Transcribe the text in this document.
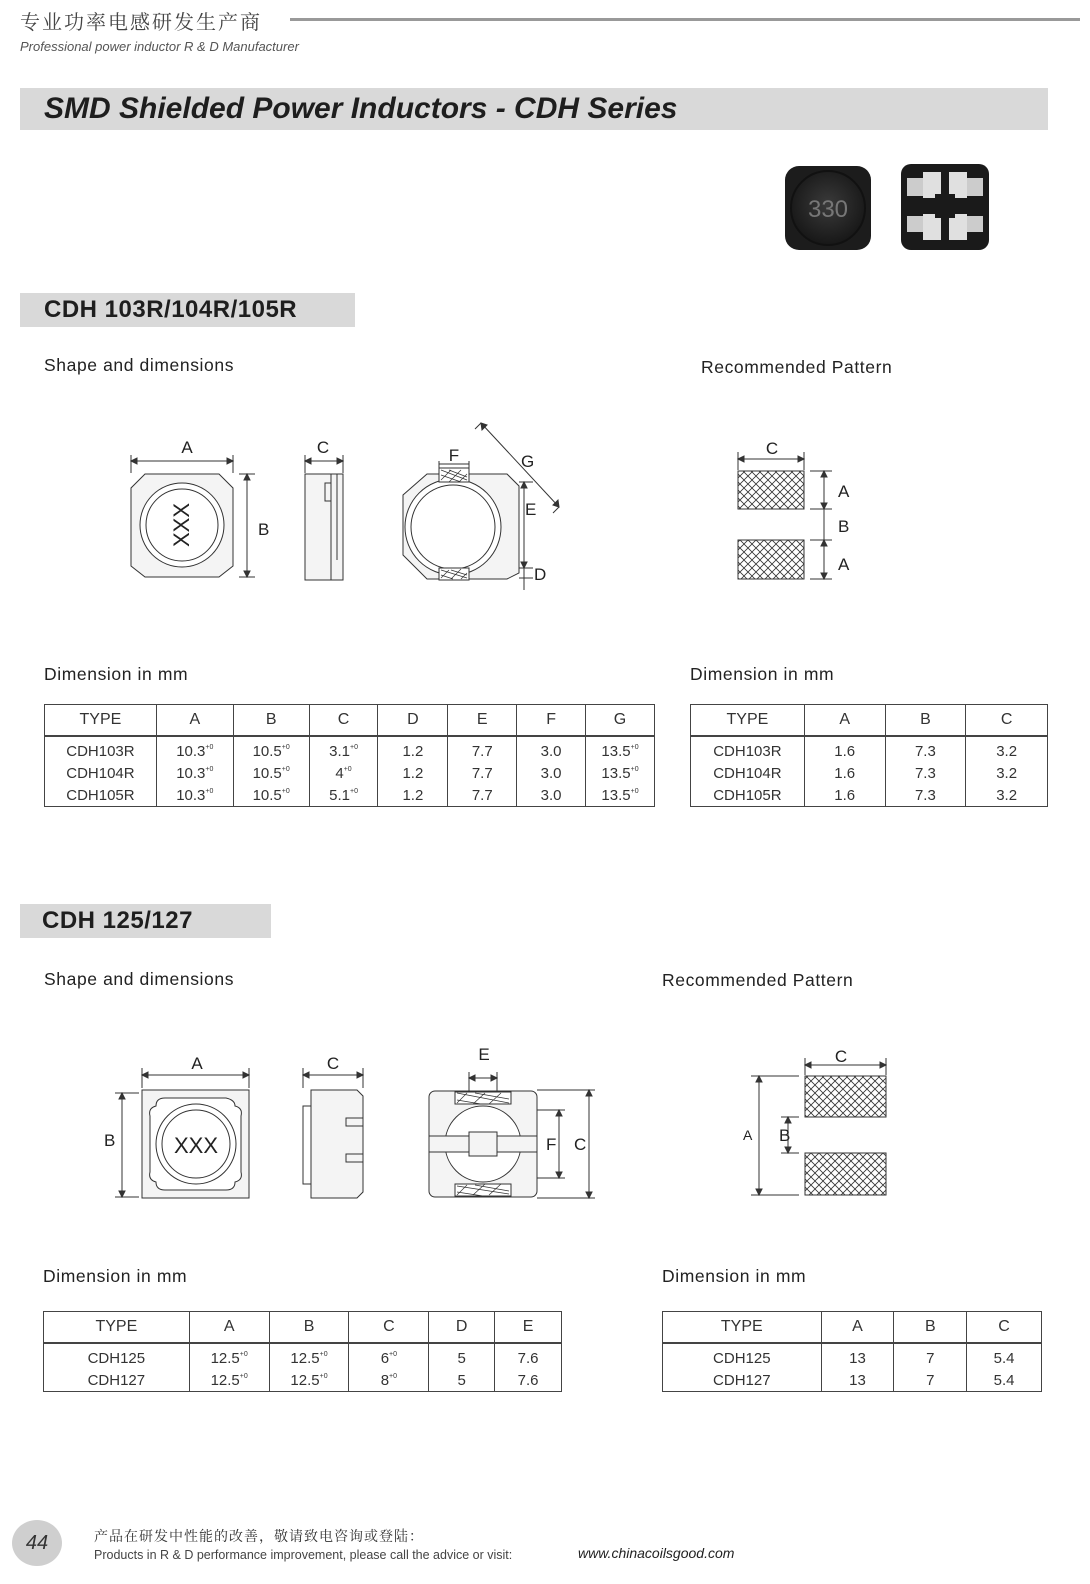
专业功率电感研发生产商
Professional power inductor R & D Manufacturer
SMD Shielded Power Inductors - CDH Series
330
CDH 103R/104R/105R
Shape and dimensions	Recommended Pattern
A
XXX	B
C	F
E
D
G
C
A
B
A
Dimension in mm	Dimension in mm
TYPE	A	B	C	D	E	F	G
CDH103R	$10.3^{+0}$	$10.5^{+0}$	$3.1^{+0}$	1.2	7.7	3.0	$13.5^{+0}$
CDH104R	$10.3^{+0}$	$10.5^{+0}$	$4^{+0}$	1.2	7.7	3.0	$13.5^{+0}$
CDH105R	$10.3^{+0}$	$10.5^{+0}$	$5.1^{+0}$	1.2	7.7	3.0	$13.5^{+0}$
TYPE	A	B	C
CDH103R	1.6	7.3	3.2
CDH104R	1.6	7.3	3.2
CDH105R	1.6	7.3	3.2
CDH 125/127
Shape and dimensions	Recommended Pattern
A
XXX
B
C	E
F C
C
A B
Dimension in mm	Dimension in mm
TYPE	A	B	C	D	E
CDH125	$12.5^{+0}$	$12.5^{+0}$	$6^{+0}$	5	7.6
CDH127	$12.5^{+0}$	$12.5^{+0}$	$8^{+0}$	5	7.6
TYPE	A	B	C
CDH125	13	7	5.4
CDH127	13	7	5.4
44	产品在研发中性能的改善，敬请致电咨询或登陆：
Products in R & D performance improvement, please call the advice or visit:	www.chinacoilsgood.com
